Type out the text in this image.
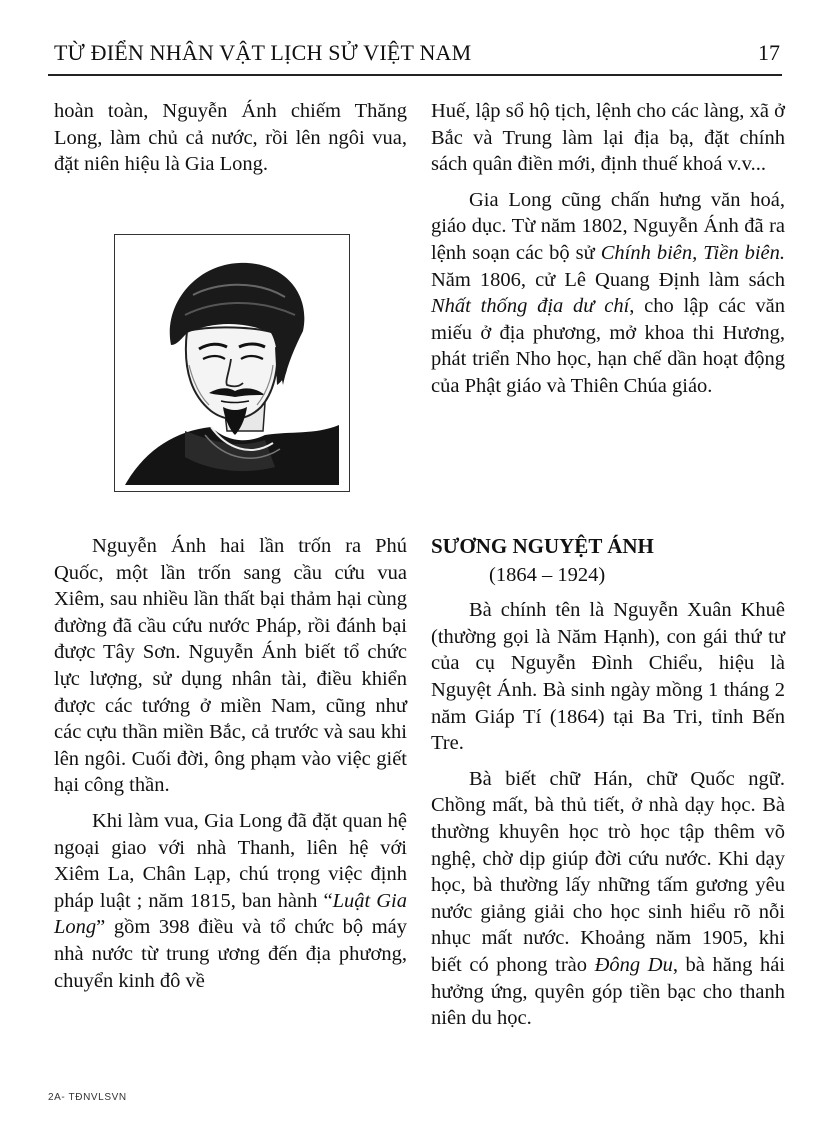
TỪ ĐIỂN NHÂN VẬT LỊCH SỬ VIỆT NAM	17

hoàn toàn, Nguyễn Ánh chiếm Thăng Long, làm chủ cả nước, rồi lên ngôi vua, đặt niên hiệu là Gia Long.

Nguyễn Ánh hai lần trốn ra Phú Quốc, một lần trốn sang cầu cứu vua Xiêm, sau nhiều lần thất bại thảm hại cùng đường đã cầu cứu nước Pháp, rồi đánh bại được Tây Sơn. Nguyễn Ánh biết tổ chức lực lượng, sử dụng nhân tài, điều khiển được các tướng ở miền Nam, cũng như các cựu thần miền Bắc, cả trước và sau khi lên ngôi. Cuối đời, ông phạm vào việc giết hại công thần.

Khi làm vua, Gia Long đã đặt quan hệ ngoại giao với nhà Thanh, liên hệ với Xiêm La, Chân Lạp, chú trọng việc định pháp luật ; năm 1815, ban hành “Luật Gia Long” gồm 398 điều và tổ chức bộ máy nhà nước từ trung ương đến địa phương, chuyển kinh đô về

Huế, lập sổ hộ tịch, lệnh cho các làng, xã ở Bắc và Trung làm lại địa bạ, đặt chính sách quân điền mới, định thuế khoá v.v...

Gia Long cũng chấn hưng văn hoá, giáo dục. Từ năm 1802, Nguyễn Ánh đã ra lệnh soạn các bộ sử Chính biên, Tiền biên. Năm 1806, cử Lê Quang Định làm sách Nhất thống địa dư chí, cho lập các văn miếu ở địa phương, mở khoa thi Hương, phát triển Nho học, hạn chế dần hoạt động của Phật giáo và Thiên Chúa giáo.

SƯƠNG NGUYỆT ÁNH

(1864 – 1924)

Bà chính tên là Nguyễn Xuân Khuê (thường gọi là Năm Hạnh), con gái thứ tư của cụ Nguyễn Đình Chiểu, hiệu là Nguyệt Ánh. Bà sinh ngày mồng 1 tháng 2 năm Giáp Tí (1864) tại Ba Tri, tỉnh Bến Tre.

Bà biết chữ Hán, chữ Quốc ngữ. Chồng mất, bà thủ tiết, ở nhà dạy học. Bà thường khuyên học trò học tập thêm võ nghệ, chờ dịp giúp đời cứu nước. Khi dạy học, bà thường lấy những tấm gương yêu nước giảng giải cho học sinh hiểu rõ nỗi nhục mất nước. Khoảng năm 1905, khi biết có phong trào Đông Du, bà hăng hái hưởng ứng, quyên góp tiền bạc cho thanh niên du học.

2A- TĐNVLSVN
